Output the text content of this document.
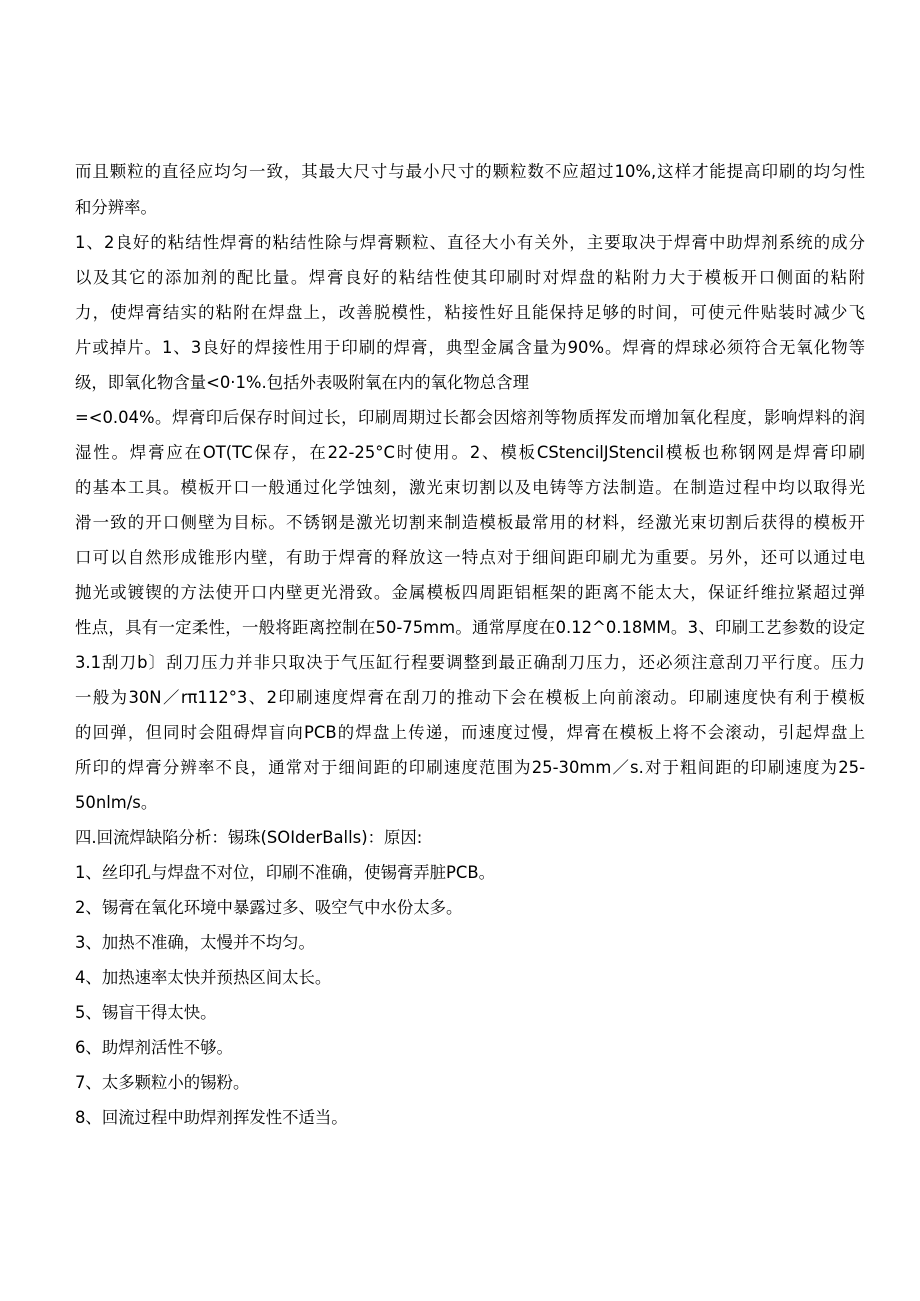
而且颗粒的直径应均匀一致，其最大尺寸与最小尺寸的颗粒数不应超过10%,这样才能提高印刷的均匀性
和分辨率。
1、2良好的粘结性焊膏的粘结性除与焊膏颗粒、直径大小有关外，主要取决于焊膏中助焊剂系统的成分
以及其它的添加剂的配比量。焊膏良好的粘结性使其印刷时对焊盘的粘附力大于模板开口侧面的粘附
力，使焊膏结实的粘附在焊盘上，改善脱模性，粘接性好且能保持足够的时间，可使元件贴装时减少飞
片或掉片。1、3良好的焊接性用于印刷的焊膏，典型金属含量为90%。焊膏的焊球必须符合无氧化物等
级，即氧化物含量<0·1%.包括外表吸附氧在内的氧化物总含理
=<0.04%。焊膏印后保存时间过长，印刷周期过长都会因熔剂等物质挥发而增加氧化程度，影响焊料的润
湿性。焊膏应在OT(TC保存，在22-25°C时使用。2、模板CStencilJStencil模板也称钢网是焊膏印刷
的基本工具。模板开口一般通过化学蚀刻，激光束切割以及电铸等方法制造。在制造过程中均以取得光
滑一致的开口侧壁为目标。不锈钢是激光切割来制造模板最常用的材料，经激光束切割后获得的模板开
口可以自然形成锥形内壁，有助于焊膏的释放这一特点对于细间距印刷尤为重要。另外，还可以通过电
抛光或镀锲的方法使开口内壁更光滑致。金属模板四周距铝框架的距离不能太大，保证纤维拉紧超过弹
性点，具有一定柔性，一般将距离控制在50-75mm。通常厚度在0.12^0.18MM。3、印刷工艺参数的设定
3.1刮刀b〕刮刀压力并非只取决于气压缸行程要调整到最正确刮刀压力，还必须注意刮刀平行度。压力
一般为30N／rπ112°3、2印刷速度焊膏在刮刀的推动下会在模板上向前滚动。印刷速度快有利于模板
的回弹，但同时会阻碍焊盲向PCB的焊盘上传递，而速度过慢，焊膏在模板上将不会滚动，引起焊盘上
所印的焊膏分辨率不良，通常对于细间距的印刷速度范围为25-30mm／s.对于粗间距的印刷速度为25-
50nlm/s。
四.回流焊缺陷分析：锡珠(SOIderBalls)：原因:
1、丝印孔与焊盘不对位，印刷不准确，使锡膏弄脏PCB。
2、锡膏在氧化环境中暴露过多、吸空气中水份太多。
3、加热不准确，太慢并不均匀。
4、加热速率太快并预热区间太长。
5、锡盲干得太快。
6、助焊剂活性不够。
7、太多颗粒小的锡粉。
8、回流过程中助焊剂挥发性不适当。
